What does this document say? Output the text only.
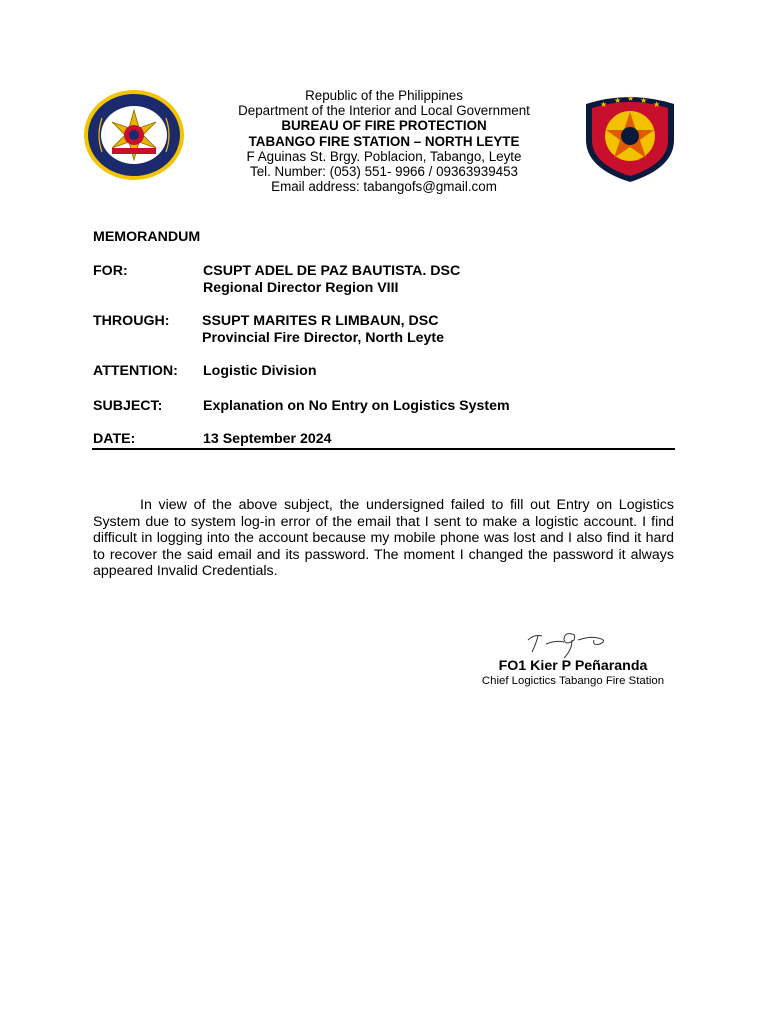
Republic of the Philippines
Department of the Interior and Local Government
BUREAU OF FIRE PROTECTION
TABANGO FIRE STATION – NORTH LEYTE
F Aguinas St. Brgy. Poblacion, Tabango, Leyte
Tel. Number: (053) 551- 9966 / 09363939453
Email address: tabangofs@gmail.com
★ ★ ★ ★ ★
MEMORANDUM
FOR:	CSUPT ADEL DE PAZ BAUTISTA. DSC
Regional Director Region VIII
THROUGH: SSUPT MARITES R LIMBAUN, DSC
Provincial Fire Director, North Leyte
ATTENTION: Logistic Division
SUBJECT:	Explanation on No Entry on Logistics System
DATE:	13 September 2024
In view of the above subject, the undersigned failed to fill out Entry on Logistics System due to system log-in error of the email that I sent to make a logistic account. I find difficult in logging into the account because my mobile phone was lost and I also find it hard to recover the said email and its password. The moment I changed the password it always appeared Invalid Credentials.
FO1 Kier P Peñaranda
Chief Logictics Tabango Fire Station
